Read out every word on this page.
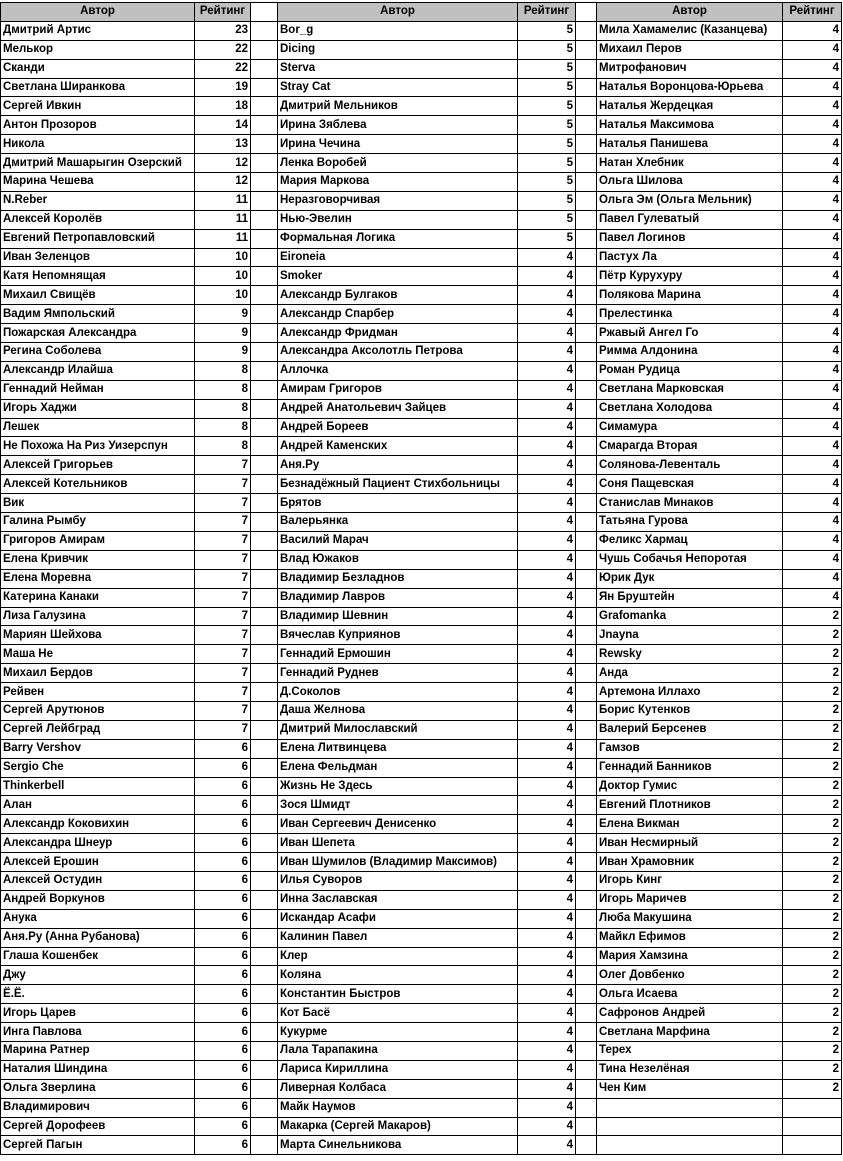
Автор	Рейтинг		Автор	Рейтинг		Автор	Рейтинг
Дмитрий Артис	23		Bor_g	5		Мила Хамамелис (Казанцева)	4
Мелькор	22		Dicing	5		Михаил Перов	4
Сканди	22		Sterva	5		Митрофанович	4
Светлана Ширанкова	19		Stray Cat	5		Наталья Воронцова-Юрьева	4
Сергей Ивкин	18		Дмитрий Мельников	5		Наталья Жердецкая	4
Антон Прозоров	14		Ирина Зяблева	5		Наталья Максимова	4
Никола	13		Ирина Чечина	5		Наталья Панишева	4
Дмитрий Машарыгин Озерский	12		Ленка Воробей	5		Натан Хлебник	4
Марина Чешева	12		Мария Маркова	5		Ольга Шилова	4
N.Reber	11		Неразговорчивая	5		Ольга Эм (Ольга Мельник)	4
Алексей Королёв	11		Нью-Эвелин	5		Павел Гулеватый	4
Евгений Петропавловский	11		Формальная Логика	5		Павел Логинов	4
Иван Зеленцов	10		Eironeia	4		Пастух Ла	4
Катя Непомнящая	10		Smoker	4		Пётр Курухуру	4
Михаил Свищёв	10		Александр Булгаков	4		Полякова Марина	4
Вадим Ямпольский	9		Александр Спарбер	4		Прелестинка	4
Пожарская Александра	9		Александр Фридман	4		Ржавый Ангел Го	4
Регина Соболева	9		Александра Аксолотль Петрова	4		Римма Алдонина	4
Александр Илайша	8		Аллочка	4		Роман Рудица	4
Геннадий Нейман	8		Амирам Григоров	4		Светлана Марковская	4
Игорь Хаджи	8		Андрей Анатольевич Зайцев	4		Светлана Холодова	4
Лешек	8		Андрей Бореев	4		Симамура	4
Не Похожа На Риз Уизерспун	8		Андрей Каменских	4		Смарагда Вторая	4
Алексей Григорьев	7		Аня.Ру	4		Солянова-Левенталь	4
Алексей Котельников	7		Безнадёжный Пациент Стихбольницы	4		Соня Пащевская	4
Вик	7		Брятов	4		Станислав Минаков	4
Галина Рымбу	7		Валерьянка	4		Татьяна Гурова	4
Григоров Амирам	7		Василий Марач	4		Феликс Хармац	4
Елена Кривчик	7		Влад Южаков	4		Чушь Собачья Непоротая	4
Елена Моревна	7		Владимир Безладнов	4		Юрик Дук	4
Катерина Канаки	7		Владимир Лавров	4		Ян Бруштейн	4
Лиза Галузина	7		Владимир Шевнин	4		Grafomanka	2
Мариян Шейхова	7		Вячеслав Куприянов	4		Jnayna	2
Маша Не	7		Геннадий Ермошин	4		Rewsky	2
Михаил Бердов	7		Геннадий Руднев	4		Анда	2
Рейвен	7		Д.Соколов	4		Артемона Иллахо	2
Сергей Арутюнов	7		Даша Желнова	4		Борис Кутенков	2
Сергей Лейбград	7		Дмитрий Милославский	4		Валерий Берсенев	2
Barry Vershov	6		Елена Литвинцева	4		Гамзов	2
Sergio Che	6		Елена Фельдман	4		Геннадий Банников	2
Thinkerbell	6		Жизнь Не Здесь	4		Доктор Гумис	2
Алан	6		Зося Шмидт	4		Евгений Плотников	2
Александр Коковихин	6		Иван Сергеевич Денисенко	4		Елена Викман	2
Александра Шнеур	6		Иван Шепета	4		Иван Несмирный	2
Алексей Ерошин	6		Иван Шумилов (Владимир Максимов)	4		Иван Храмовник	2
Алексей Остудин	6		Илья Суворов	4		Игорь Кинг	2
Андрей Воркунов	6		Инна Заславская	4		Игорь Маричев	2
Анука	6		Искандар Асафи	4		Люба Макушина	2
Аня.Ру (Анна Рубанова)	6		Калинин Павел	4		Майкл Ефимов	2
Глаша Кошенбек	6		Клер	4		Мария Хамзина	2
Джу	6		Коляна	4		Олег Довбенко	2
Ё.Ё.	6		Константин Быстров	4		Ольга Исаева	2
Игорь Царев	6		Кот Басё	4		Сафронов Андрей	2
Инга Павлова	6		Кукурме	4		Светлана Марфина	2
Марина Ратнер	6		Лала Тарапакина	4		Терех	2
Наталия Шиндина	6		Лариса Кириллина	4		Тина Незелёная	2
Ольга Зверлина	6		Ливерная Колбаса	4		Чен Ким	2
Владимирович	6		Майк Наумов	4			
Сергей Дорофеев	6		Макарка (Сергей Макаров)	4			
Сергей Пагын	6		Марта Синельникова	4			
